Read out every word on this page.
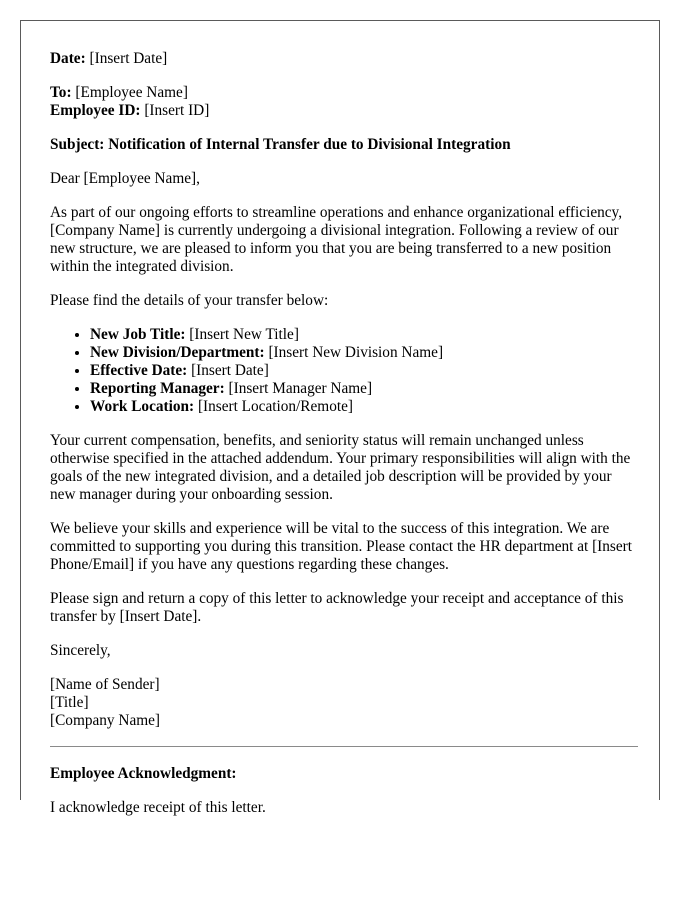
Date: [Insert Date]

To: [Employee Name]
Employee ID: [Insert ID]

Subject: Notification of Internal Transfer due to Divisional Integration

Dear [Employee Name],

As part of our ongoing efforts to streamline operations and enhance organizational efficiency, [Company Name] is currently undergoing a divisional integration. Following a review of our new structure, we are pleased to inform you that you are being transferred to a new position within the integrated division.

Please find the details of your transfer below:

• New Job Title: [Insert New Title]
• New Division/Department: [Insert New Division Name]
• Effective Date: [Insert Date]
• Reporting Manager: [Insert Manager Name]
• Work Location: [Insert Location/Remote]

Your current compensation, benefits, and seniority status will remain unchanged unless otherwise specified in the attached addendum. Your primary responsibilities will align with the goals of the new integrated division, and a detailed job description will be provided by your new manager during your onboarding session.

We believe your skills and experience will be vital to the success of this integration. We are committed to supporting you during this transition. Please contact the HR department at [Insert Phone/Email] if you have any questions regarding these changes.

Please sign and return a copy of this letter to acknowledge your receipt and acceptance of this transfer by [Insert Date].

Sincerely,

[Name of Sender]
[Title]
[Company Name]

Employee Acknowledgment:

I acknowledge receipt of this letter.
